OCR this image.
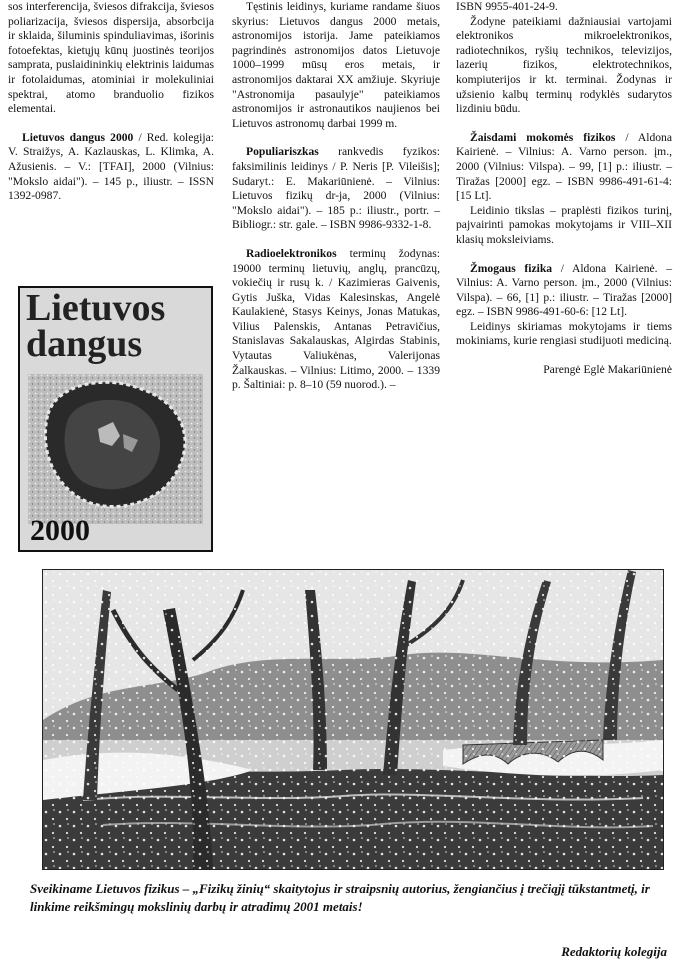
sos interferencija, šviesos difrakcija, šviesos poliarizacija, šviesos dispersija, absorbcija ir sklaida, šiluminis spinduliavimas, išorinis fotoefektas, kietųjų kūnų juostinės teorijos samprata, puslaidininkių elektrinis laidumas ir fotolaidumas, atominiai ir molekuliniai spektrai, atomo branduolio fizikos elementai.

Lietuvos dangus 2000 / Red. kolegija: V. Straižys, A. Kazlauskas, L. Klimka, A. Ažusienis. – V.: [TFAI], 2000 (Vilnius: "Mokslo aidai"). – 145 p., iliustr. – ISSN 1392-0987.

Lietuvos
dangus
2000

Tęstinis leidinys, kuriame randame šiuos skyrius: Lietuvos dangus 2000 metais, astronomijos istorija. Jame pateikiamos pagrindinės astronomijos datos Lietuvoje 1000–1999 mūsų eros metais, ir astronomijos daktarai XX amžiuje. Skyriuje "Astronomija pasaulyje" pateikiamos astronomijos ir astronautikos naujienos bei Lietuvos astronomų darbai 1999 m.

Populiariszkas rankvedis fyzikos: faksimilinis leidinys / P. Neris [P. Vileišis]; Sudaryt.: E. Makariūnienė. – Vilnius: Lietuvos fizikų dr-ja, 2000 (Vilnius: "Mokslo aidai"). – 185 p.: iliustr., portr. – Bibliogr.: str. gale. – ISBN 9986-9332-1-8.

Radioelektronikos terminų žodynas: 19000 terminų lietuvių, anglų, prancūzų, vokiečių ir rusų k. / Kazimieras Gaivenis, Gytis Juška, Vidas Kalesinskas, Angelė Kaulakienė, Stasys Keinys, Jonas Matukas, Vilius Palenskis, Antanas Petravičius, Stanislavas Sakalauskas, Algirdas Stabinis, Vytautas Valiukėnas, Valerijonas Žalkauskas. – Vilnius: Litimo, 2000. – 1339 p. Šaltiniai: p. 8–10 (59 nuorod.). –

ISBN 9955-401-24-9.

Žodyne pateikiami dažniausiai vartojami elektronikos mikroelektronikos, radiotechnikos, ryšių technikos, televizijos, lazerių fizikos, elektrotechnikos, kompiuterijos ir kt. terminai. Žodynas ir užsienio kalbų terminų rodyklės sudarytos lizdiniu būdu.

Žaisdami mokomės fizikos / Aldona Kairienė. – Vilnius: A. Varno person. įm., 2000 (Vilnius: Vilspa). – 99, [1] p.: iliustr. – Tiražas [2000] egz. – ISBN 9986-491-61-4: [15 Lt].

Leidinio tikslas – praplėsti fizikos turinį, pajvairinti pamokas mokytojams ir VIII–XII klasių moksleiviams.

Žmogaus fizika / Aldona Kairienė. – Vilnius: A. Varno person. įm., 2000 (Vilnius: Vilspa). – 66, [1] p.: iliustr. – Tiražas [2000] egz. – ISBN 9986-491-60-6: [12 Lt].

Leidinys skiriamas mokytojams ir tiems mokiniams, kurie rengiasi studijuoti mediciną.

Parengė Eglė Makariūnienė

Sveikiname Lietuvos fizikus – „Fizikų žinių“ skaitytojus ir straipsnių autorius, žengiančius į trečiąjį tūkstantmetį, ir linkime reikšmingų mokslinių darbų ir atradimų 2001 metais!
Redaktorių kolegija
